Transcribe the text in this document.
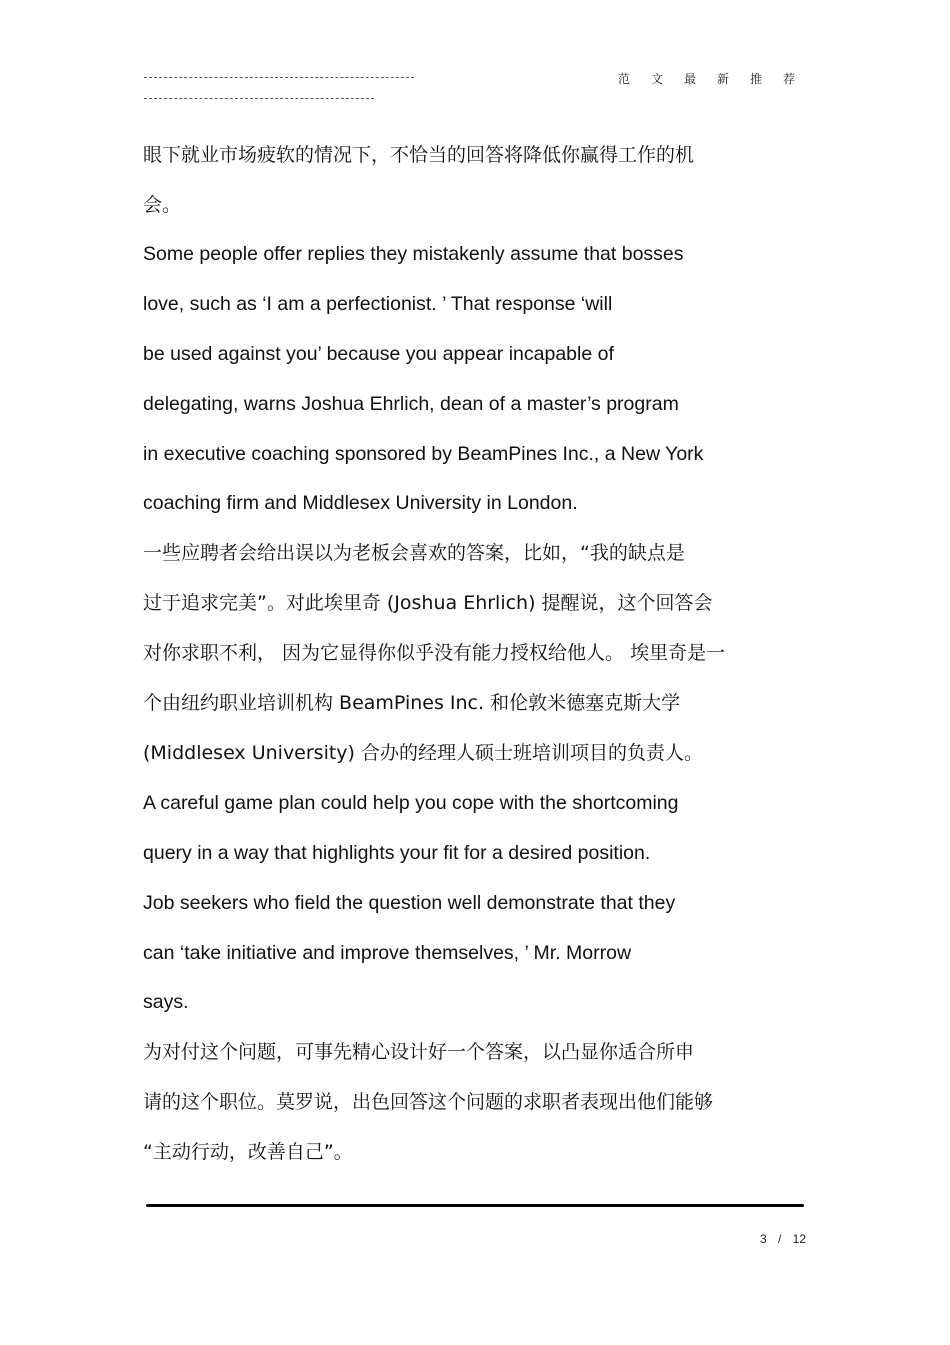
范文最新推荐
眼下就业市场疲软的情况下，不恰当的回答将降低你赢得工作的机
会。
Some people offer replies they mistakenly assume that bosses
love, such as ‘I am a perfectionist. ’ That response ‘will
be used against you’ because you appear incapable of
delegating, warns Joshua Ehrlich, dean of a master’s program
in executive coaching sponsored by BeamPines Inc., a New York
coaching firm and Middlesex University in London.
一些应聘者会给出误以为老板会喜欢的答案，比如，“我的缺点是
过于追求完美”。对此埃里奇 (Joshua Ehrlich) 提醒说，这个回答会
对你求职不利， 因为它显得你似乎没有能力授权给他人。 埃里奇是一
个由纽约职业培训机构 BeamPines Inc. 和伦敦米德塞克斯大学
(Middlesex University) 合办的经理人硕士班培训项目的负责人。
A careful game plan could help you cope with the shortcoming
query in a way that highlights your fit for a desired position.
Job seekers who field the question well demonstrate that they
can ‘take initiative and improve themselves, ’ Mr. Morrow
says.
为对付这个问题，可事先精心设计好一个答案，以凸显你适合所申
请的这个职位。莫罗说，出色回答这个问题的求职者表现出他们能够
“主动行动，改善自己”。
3 / 12
